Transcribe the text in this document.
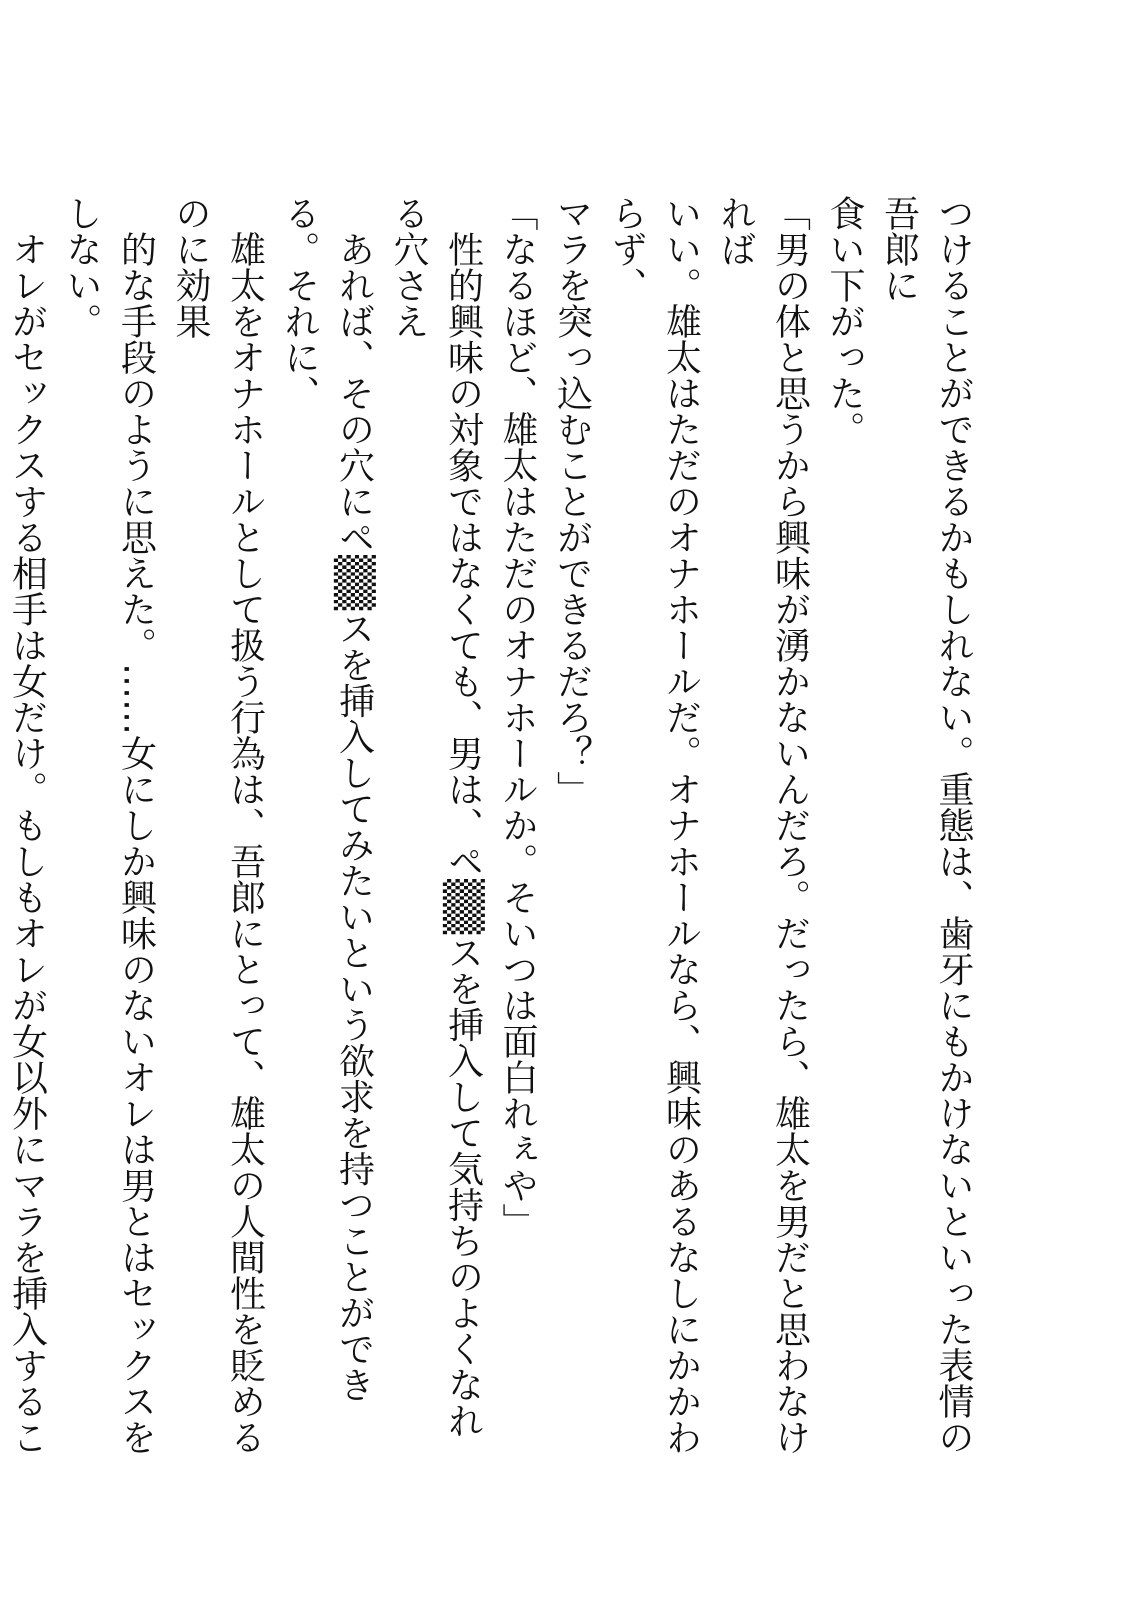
つけることができるかもしれない。重態は、歯牙にもかけないといった表情の吾郎に
食い下がった。
「男の体と思うから興味が湧かないんだろ。だったら、雄太を男だと思わなければ
いい。雄太はただのオナホールだ。オナホールなら、興味のあるなしにかかわらず、
マラを突っ込むことができるだろ？」
「なるほど、雄太はただのオナホールか。そいつは面白れぇや」
性的興味の対象ではなくても、男は、ペ▒▒スを挿入して気持ちのよくなれる穴さえ
あれば、その穴にペ▒▒スを挿入してみたいという欲求を持つことができる。それに、
雄太をオナホールとして扱う行為は、吾郎にとって、雄太の人間性を貶めるのに効果
的な手段のように思えた。……女にしか興味のないオレは男とはセックスをしない。
オレがセックスする相手は女だけ。もしもオレが女以外にマラを挿入するこ
